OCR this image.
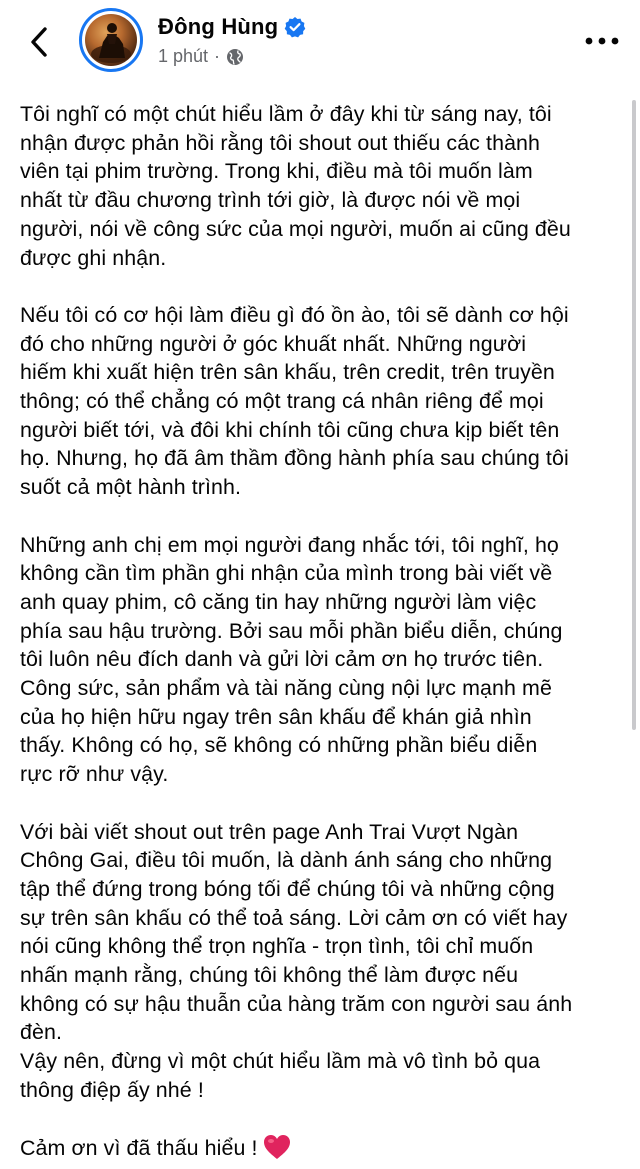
Đông Hùng
1 phút ·

Tôi nghĩ có một chút hiểu lầm ở đây khi từ sáng nay, tôi
nhận được phản hồi rằng tôi shout out thiếu các thành
viên tại phim trường. Trong khi, điều mà tôi muốn làm
nhất từ đầu chương trình tới giờ, là được nói về mọi
người, nói về công sức của mọi người, muốn ai cũng đều
được ghi nhận.

Nếu tôi có cơ hội làm điều gì đó ồn ào, tôi sẽ dành cơ hội
đó cho những người ở góc khuất nhất. Những người
hiếm khi xuất hiện trên sân khấu, trên credit, trên truyền
thông; có thể chẳng có một trang cá nhân riêng để mọi
người biết tới, và đôi khi chính tôi cũng chưa kịp biết tên
họ. Nhưng, họ đã âm thầm đồng hành phía sau chúng tôi
suốt cả một hành trình.

Những anh chị em mọi người đang nhắc tới, tôi nghĩ, họ
không cần tìm phần ghi nhận của mình trong bài viết về
anh quay phim, cô căng tin hay những người làm việc
phía sau hậu trường. Bởi sau mỗi phần biểu diễn, chúng
tôi luôn nêu đích danh và gửi lời cảm ơn họ trước tiên.
Công sức, sản phẩm và tài năng cùng nội lực mạnh mẽ
của họ hiện hữu ngay trên sân khấu để khán giả nhìn
thấy. Không có họ, sẽ không có những phần biểu diễn
rực rỡ như vậy.

Với bài viết shout out trên page Anh Trai Vượt Ngàn
Chông Gai, điều tôi muốn, là dành ánh sáng cho những
tập thể đứng trong bóng tối để chúng tôi và những cộng
sự trên sân khấu có thể toả sáng. Lời cảm ơn có viết hay
nói cũng không thể trọn nghĩa - trọn tình, tôi chỉ muốn
nhấn mạnh rằng, chúng tôi không thể làm được nếu
không có sự hậu thuẫn của hàng trăm con người sau ánh
đèn.

Vậy nên, đừng vì một chút hiểu lầm mà vô tình bỏ qua
thông điệp ấy nhé !

Cảm ơn vì đã thấu hiểu !
